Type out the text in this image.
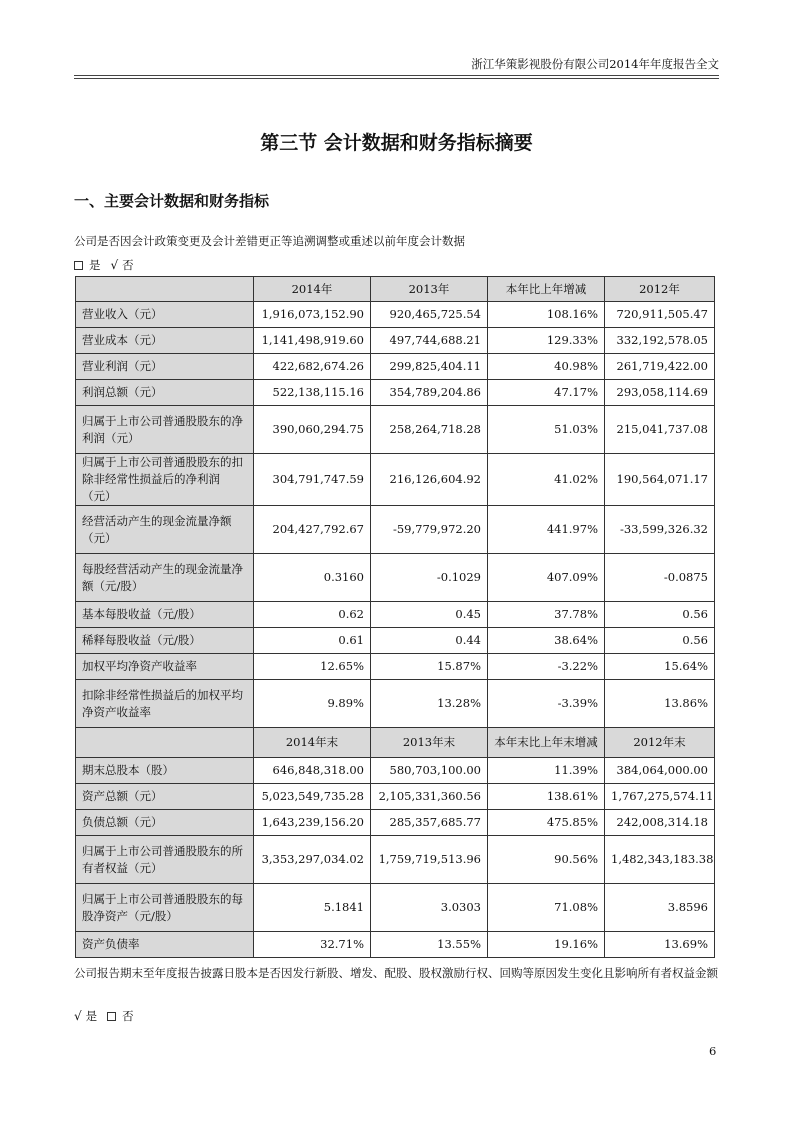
浙江华策影视股份有限公司2014年年度报告全文
第三节 会计数据和财务指标摘要
一、主要会计数据和财务指标
公司是否因会计政策变更及会计差错更正等追溯调整或重述以前年度会计数据
是 √ 否
	2014年	2013年	本年比上年增减	2012年
营业收入（元）	1,916,073,152.90	920,465,725.54	108.16%	720,911,505.47
营业成本（元）	1,141,498,919.60	497,744,688.21	129.33%	332,192,578.05
营业利润（元）	422,682,674.26	299,825,404.11	40.98%	261,719,422.00
利润总额（元）	522,138,115.16	354,789,204.86	47.17%	293,058,114.69
归属于上市公司普通股股东的净利润（元）	390,060,294.75	258,264,718.28	51.03%	215,041,737.08
归属于上市公司普通股股东的扣除非经常性损益后的净利润（元）	304,791,747.59	216,126,604.92	41.02%	190,564,071.17
经营活动产生的现金流量净额（元）	204,427,792.67	-59,779,972.20	441.97%	-33,599,326.32
每股经营活动产生的现金流量净额（元/股）	0.3160	-0.1029	407.09%	-0.0875
基本每股收益（元/股）	0.62	0.45	37.78%	0.56
稀释每股收益（元/股）	0.61	0.44	38.64%	0.56
加权平均净资产收益率	12.65%	15.87%	-3.22%	15.64%
扣除非经常性损益后的加权平均净资产收益率	9.89%	13.28%	-3.39%	13.86%
	2014年末	2013年末	本年末比上年末增减	2012年末
期末总股本（股）	646,848,318.00	580,703,100.00	11.39%	384,064,000.00
资产总额（元）	5,023,549,735.28	2,105,331,360.56	138.61%	1,767,275,574.11
负债总额（元）	1,643,239,156.20	285,357,685.77	475.85%	242,008,314.18
归属于上市公司普通股股东的所有者权益（元）	3,353,297,034.02	1,759,719,513.96	90.56%	1,482,343,183.38
归属于上市公司普通股股东的每股净资产（元/股）	5.1841	3.0303	71.08%	3.8596
资产负债率	32.71%	13.55%	19.16%	13.69%
公司报告期末至年度报告披露日股本是否因发行新股、增发、配股、股权激励行权、回购等原因发生变化且影响所有者权益金额
√ 是 否
6
